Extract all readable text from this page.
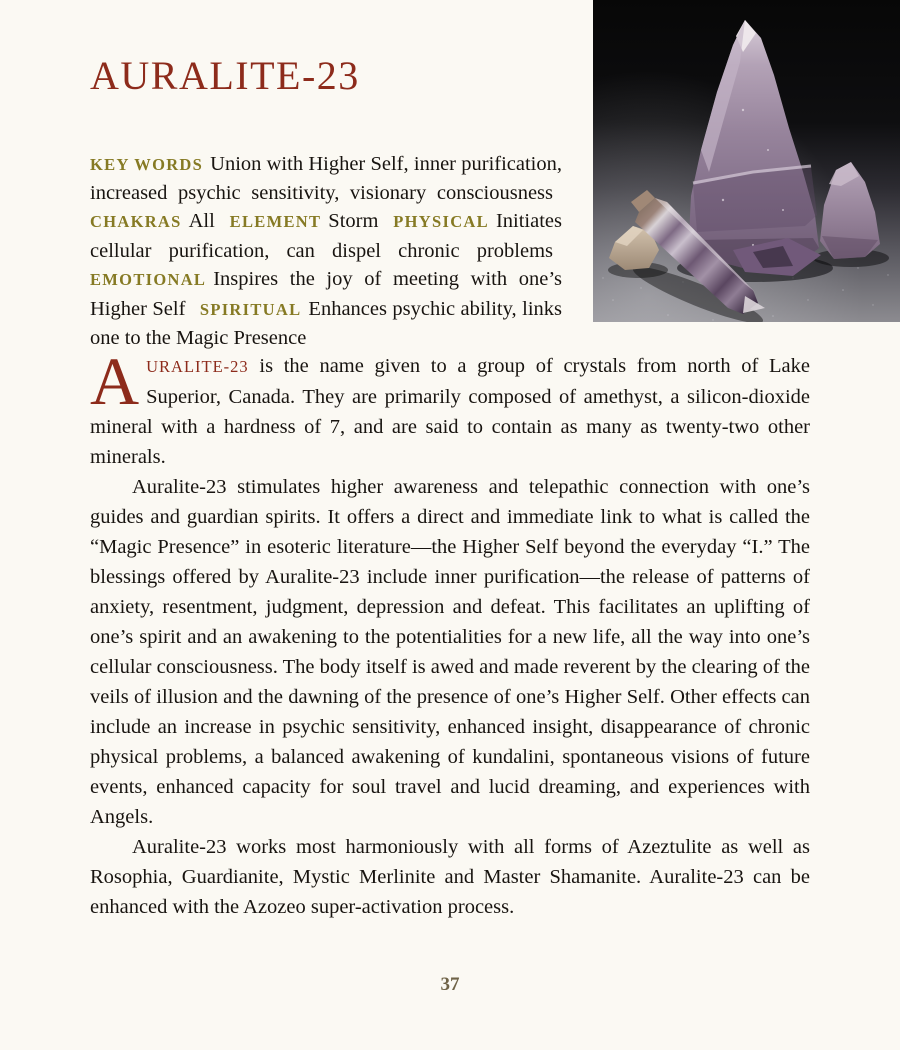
AURALITE-23

KEY WORDS Union with Higher Self, inner purification, increased psychic sensitivity, visionary consciousness CHAKRAS All ELEMENT Storm PHYSICAL Initiates cellular purification, can dispel chronic problems EMOTIONAL Inspires the joy of meeting with one’s Higher Self SPIRITUAL Enhances psychic ability, links one to the Magic Presence

AURALITE-23 is the name given to a group of crystals from north of Lake Superior, Canada. They are primarily composed of amethyst, a silicon-dioxide mineral with a hardness of 7, and are said to contain as many as twenty-two other minerals.

Auralite-23 stimulates higher awareness and telepathic connection with one’s guides and guardian spirits. It offers a direct and immediate link to what is called the “Magic Presence” in esoteric literature—the Higher Self beyond the everyday “I.” The blessings offered by Auralite-23 include inner purification—the release of patterns of anxiety, resentment, judgment, depression and defeat. This facilitates an uplifting of one’s spirit and an awakening to the potentialities for a new life, all the way into one’s cellular consciousness. The body itself is awed and made reverent by the clearing of the veils of illusion and the dawning of the presence of one’s Higher Self. Other effects can include an increase in psychic sensitivity, enhanced insight, disappearance of chronic physical problems, a balanced awakening of kundalini, spontaneous visions of future events, enhanced capacity for soul travel and lucid dreaming, and experiences with Angels.

Auralite-23 works most harmoniously with all forms of Azeztulite as well as Rosophia, Guardianite, Mystic Merlinite and Master Shamanite. Auralite-23 can be enhanced with the Azozeo super-activation process.

37
